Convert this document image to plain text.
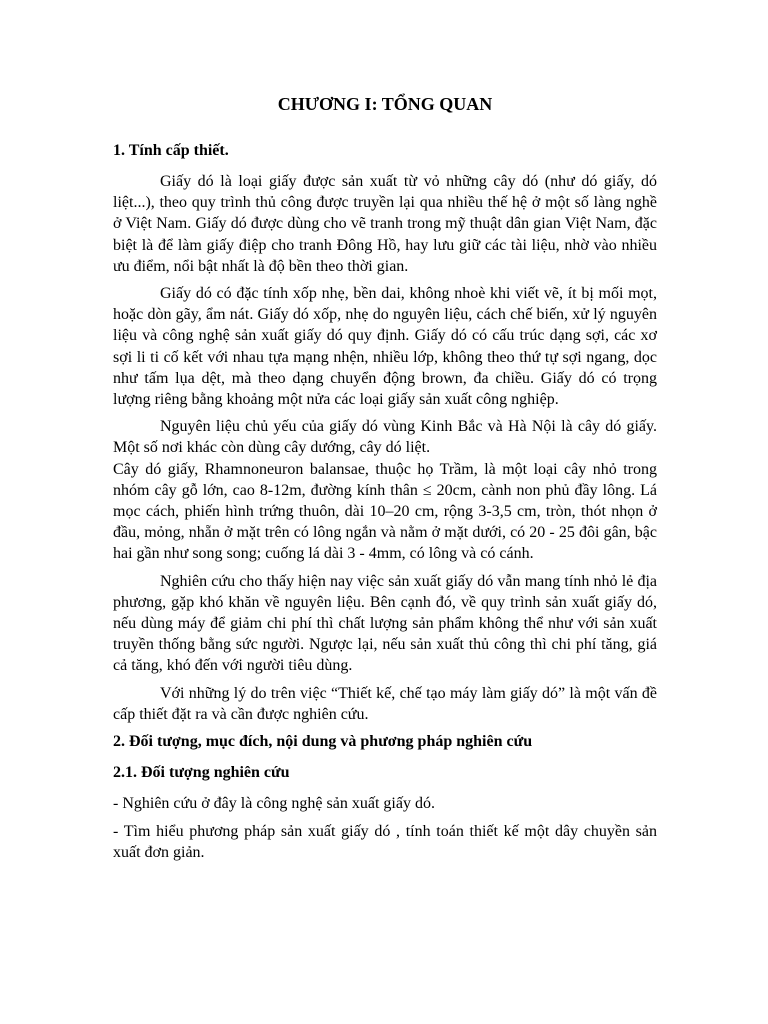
CHƯƠNG I: TỔNG QUAN
1. Tính cấp thiết.

Giấy dó là loại giấy được sản xuất từ vỏ những cây dó (như dó giấy, dó liệt...), theo quy trình thủ công được truyền lại qua nhiều thế hệ ở một số làng nghề ở Việt Nam. Giấy dó được dùng cho vẽ tranh trong mỹ thuật dân gian Việt Nam, đặc biệt là để làm giấy điệp cho tranh Đông Hồ, hay lưu giữ các tài liệu, nhờ vào nhiều ưu điểm, nổi bật nhất là độ bền theo thời gian.

Giấy dó có đặc tính xốp nhẹ, bền dai, không nhoè khi viết vẽ, ít bị mối mọt, hoặc dòn gãy, ẩm nát. Giấy dó xốp, nhẹ do nguyên liệu, cách chế biến, xử lý nguyên liệu và công nghệ sản xuất giấy dó quy định. Giấy dó có cấu trúc dạng sợi, các xơ sợi li ti cố kết với nhau tựa mạng nhện, nhiều lớp, không theo thứ tự sợi ngang, dọc như tấm lụa dệt, mà theo dạng chuyển động brown, đa chiều. Giấy dó có trọng lượng riêng bằng khoảng một nửa các loại giấy sản xuất công nghiệp.

Nguyên liệu chủ yếu của giấy dó vùng Kinh Bắc và Hà Nội là cây dó giấy. Một số nơi khác còn dùng cây dướng, cây dó liệt.

Cây dó giấy, Rhamnoneuron balansae, thuộc họ Trầm, là một loại cây nhỏ trong nhóm cây gỗ lớn, cao 8-12m, đường kính thân ≤ 20cm, cành non phủ đầy lông. Lá mọc cách, phiến hình trứng thuôn, dài 10–20 cm, rộng 3-3,5 cm, tròn, thót nhọn ở đầu, mỏng, nhẵn ở mặt trên có lông ngắn và nằm ở mặt dưới, có 20 - 25 đôi gân, bậc hai gần như song song; cuống lá dài 3 - 4mm, có lông và có cánh.

Nghiên cứu cho thấy hiện nay việc sản xuất giấy dó vẫn mang tính nhỏ lẻ địa phương, gặp khó khăn về nguyên liệu. Bên cạnh đó, về quy trình sản xuất giấy dó, nếu dùng máy để giảm chi phí thì chất lượng sản phẩm không thể như với sản xuất truyền thống bằng sức người. Ngược lại, nếu sản xuất thủ công thì chi phí tăng, giá cả tăng, khó đến với người tiêu dùng.

Với những lý do trên việc “Thiết kế, chế tạo máy làm giấy dó” là một vấn đề cấp thiết đặt ra và cần được nghiên cứu.

2. Đối tượng, mục đích, nội dung và phương pháp nghiên cứu
2.1. Đối tượng nghiên cứu

- Nghiên cứu ở đây là công nghệ sản xuất giấy dó.

- Tìm hiểu phương pháp sản xuất giấy dó , tính toán thiết kế một dây chuyền sản xuất đơn giản.
